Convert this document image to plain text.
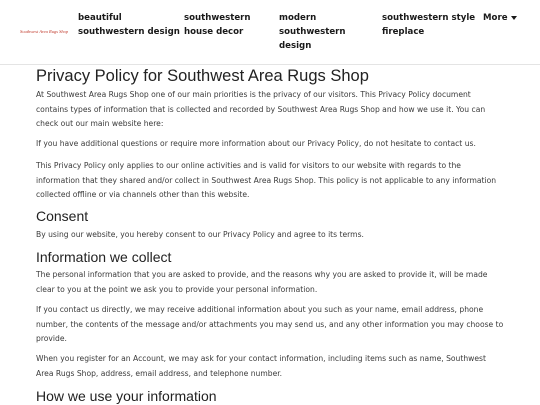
Southwest Area Rugs Shop
beautiful
southwestern design
southwestern
house decor
modern
southwestern
design
southwestern style
fireplace
More
Privacy Policy for Southwest Area Rugs Shop

At Southwest Area Rugs Shop one of our main priorities is the privacy of our visitors. This Privacy Policy document contains types of information that is collected and recorded by Southwest Area Rugs Shop and how we use it. You can check out our main website here:

If you have additional questions or require more information about our Privacy Policy, do not hesitate to contact us.

This Privacy Policy only applies to our online activities and is valid for visitors to our website with regards to the information that they shared and/or collect in Southwest Area Rugs Shop. This policy is not applicable to any information collected offline or via channels other than this website.

Consent

By using our website, you hereby consent to our Privacy Policy and agree to its terms.

Information we collect

The personal information that you are asked to provide, and the reasons why you are asked to provide it, will be made clear to you at the point we ask you to provide your personal information.

If you contact us directly, we may receive additional information about you such as your name, email address, phone number, the contents of the message and/or attachments you may send us, and any other information you may choose to provide.

When you register for an Account, we may ask for your contact information, including items such as name, Southwest Area Rugs Shop, address, email address, and telephone number.

How we use your information
